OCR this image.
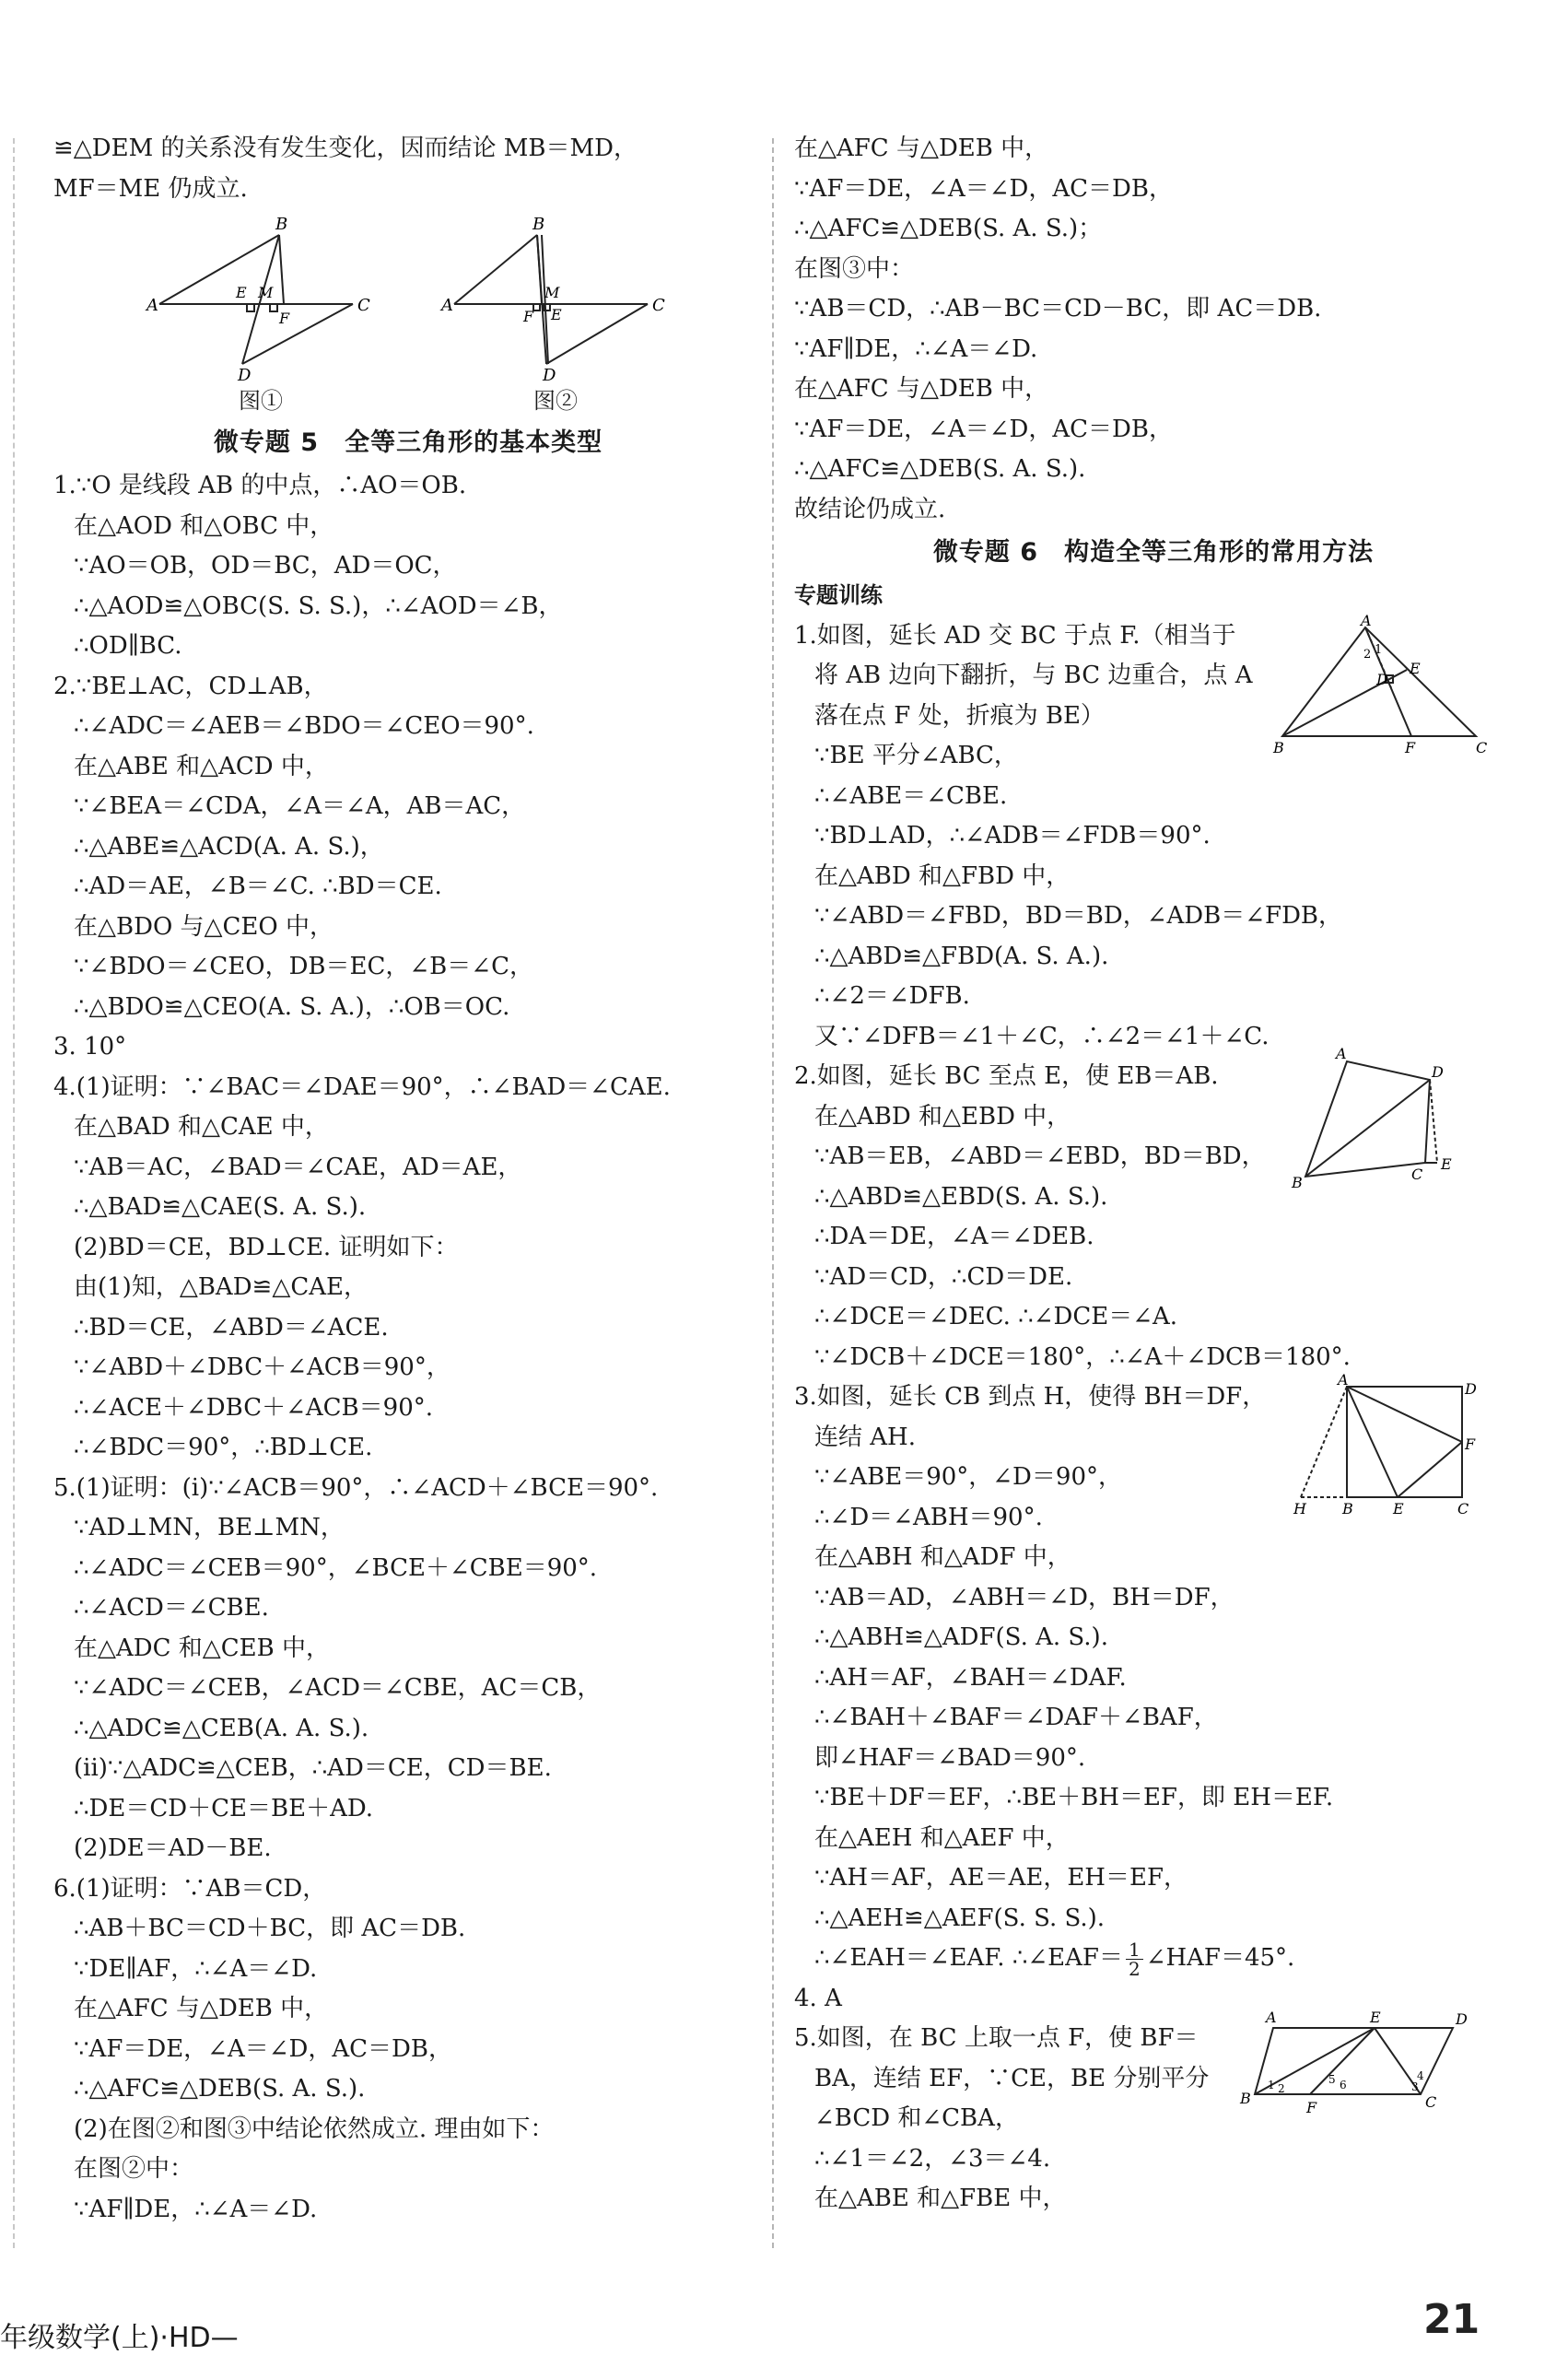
≌△DEM 的关系没有发生变化，因而结论 MB＝MD，
MF＝ME 仍成立.
A
B
C
D
E M
F
图①
A
B
C
D
E
M
F
图②
微专题 5　全等三角形的基本类型
1.∵O 是线段 AB 的中点，∴AO＝OB.
在△AOD 和△OBC 中，
∵AO＝OB，OD＝BC，AD＝OC，
∴△AOD≌△OBC(S. S. S.)，∴∠AOD＝∠B，
∴OD∥BC.
2.∵BE⊥AC，CD⊥AB，
∴∠ADC＝∠AEB＝∠BDO＝∠CEO＝90°.
在△ABE 和△ACD 中，
∵∠BEA＝∠CDA，∠A＝∠A，AB＝AC，
∴△ABE≌△ACD(A. A. S.)，
∴AD＝AE，∠B＝∠C. ∴BD＝CE.
在△BDO 与△CEO 中，
∵∠BDO＝∠CEO，DB＝EC，∠B＝∠C，
∴△BDO≌△CEO(A. S. A.)，∴OB＝OC.
3. 10°
4.(1)证明：∵∠BAC＝∠DAE＝90°，∴∠BAD＝∠CAE.
在△BAD 和△CAE 中，
∵AB＝AC，∠BAD＝∠CAE，AD＝AE，
∴△BAD≌△CAE(S. A. S.).
(2)BD＝CE，BD⊥CE. 证明如下：
由(1)知，△BAD≌△CAE，
∴BD＝CE，∠ABD＝∠ACE.
∵∠ABD＋∠DBC＋∠ACB＝90°，
∴∠ACE＋∠DBC＋∠ACB＝90°.
∴∠BDC＝90°，∴BD⊥CE.
5.(1)证明：(i)∵∠ACB＝90°，∴∠ACD＋∠BCE＝90°.
∵AD⊥MN，BE⊥MN，
∴∠ADC＝∠CEB＝90°，∠BCE＋∠CBE＝90°.
∴∠ACD＝∠CBE.
在△ADC 和△CEB 中，
∵∠ADC＝∠CEB，∠ACD＝∠CBE，AC＝CB，
∴△ADC≌△CEB(A. A. S.).
(ii)∵△ADC≌△CEB，∴AD＝CE，CD＝BE.
∴DE＝CD＋CE＝BE＋AD.
(2)DE＝AD－BE.
6.(1)证明：∵AB＝CD，
∴AB＋BC＝CD＋BC，即 AC＝DB.
∵DE∥AF，∴∠A＝∠D.
在△AFC 与△DEB 中，
∵AF＝DE，∠A＝∠D，AC＝DB，
∴△AFC≌△DEB(S. A. S.).
(2)在图②和图③中结论依然成立. 理由如下：
在图②中：
∵AF∥DE，∴∠A＝∠D.
在△AFC 与△DEB 中，
∵AF＝DE，∠A＝∠D，AC＝DB，
∴△AFC≌△DEB(S. A. S.)；
在图③中：
∵AB＝CD，∴AB－BC＝CD－BC，即 AC＝DB.
∵AF∥DE，∴∠A＝∠D.
在△AFC 与△DEB 中，
∵AF＝DE，∠A＝∠D，AC＝DB，
∴△AFC≌△DEB(S. A. S.).
故结论仍成立.
微专题 6　构造全等三角形的常用方法
专题训练
1.如图，延长 AD 交 BC 于点 F.（相当于
将 AB 边向下翻折，与 BC 边重合，点 A
落在点 F 处，折痕为 BE）
∵BE 平分∠ABC，
∴∠ABE＝∠CBE.
∵BD⊥AD，∴∠ADB＝∠FDB＝90°.
在△ABD 和△FBD 中，
∵∠ABD＝∠FBD，BD＝BD，∠ADB＝∠FDB，
∴△ABD≌△FBD(A. S. A.).
∴∠2＝∠DFB.
又∵∠DFB＝∠1＋∠C，∴∠2＝∠1＋∠C.
A
B	C
D
E
F
2 1
2.如图，延长 BC 至点 E，使 EB＝AB.
在△ABD 和△EBD 中，
∵AB＝EB，∠ABD＝∠EBD，BD＝BD，
∴△ABD≌△EBD(S. A. S.).
∴DA＝DE，∠A＝∠DEB.
∵AD＝CD，∴CD＝DE.
∴∠DCE＝∠DEC. ∴∠DCE＝∠A.
∵∠DCB＋∠DCE＝180°，∴∠A＋∠DCB＝180°.
A
B	C
D
E
3.如图，延长 CB 到点 H，使得 BH＝DF，
连结 AH.
∵∠ABE＝90°，∠D＝90°，
∴∠D＝∠ABH＝90°.
在△ABH 和△ADF 中，
∵AB＝AD，∠ABH＝∠D，BH＝DF，
∴△ABH≌△ADF(S. A. S.).
∴AH＝AF，∠BAH＝∠DAF.
∴∠BAH＋∠BAF＝∠DAF＋∠BAF，
即∠HAF＝∠BAD＝90°.
∵BE＋DF＝EF，∴BE＋BH＝EF，即 EH＝EF.
在△AEH 和△AEF 中，
∵AH＝AF，AE＝AE，EH＝EF，
∴△AEH≌△AEF(S. S. S.).
∴∠EAH＝∠EAF. ∴∠EAF＝ $\frac{1}{2}$ ∠HAF＝45°.
A
D
F
H B	E	C
4. A
5.如图，在 BC 上取一点 F，使 BF＝
BA，连结 EF，∵CE，BE 分别平分
∠BCD 和∠CBA，
∴∠1＝∠2，∠3＝∠4.
在△ABE 和△FBE 中，
A	E	D
B
F	C
1 2	3
4
5 6
年级数学(上)·HD—	21
